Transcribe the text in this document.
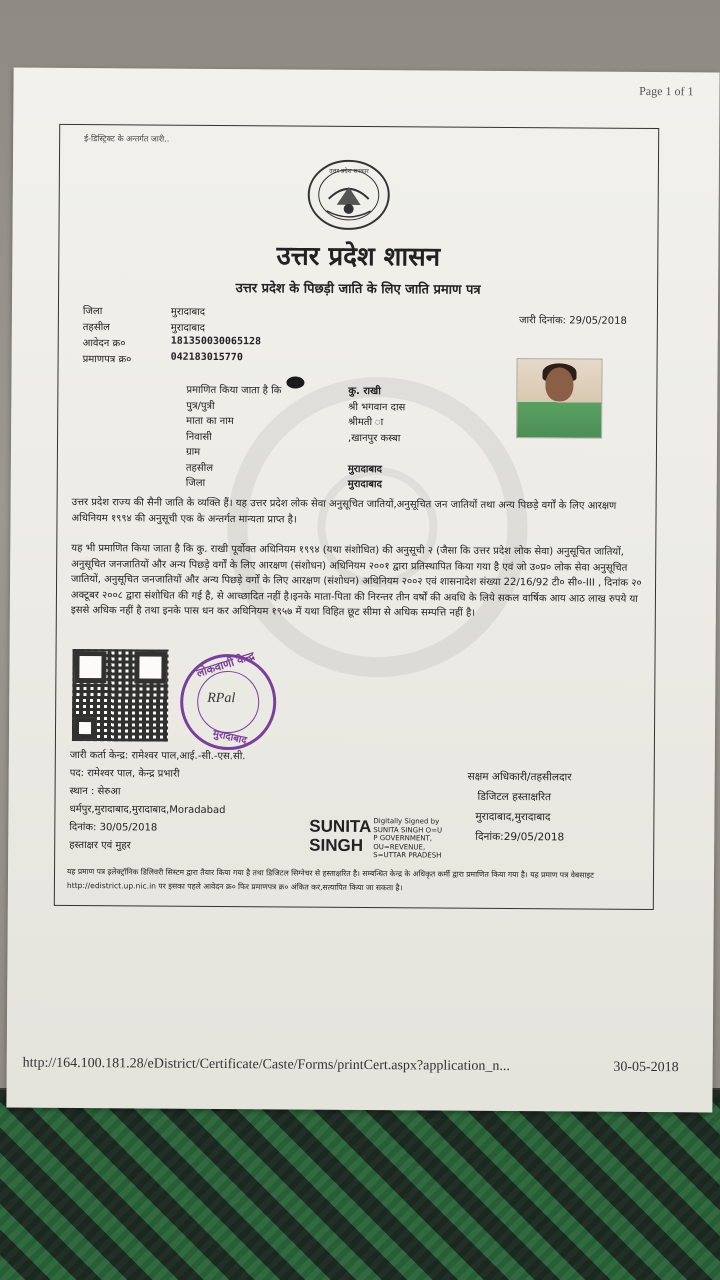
Page 1 of 1
ई-डिस्ट्रिक्ट के अन्तर्गत जारी..
उत्तर प्रदेश सरकार
उत्तर प्रदेश शासन
उत्तर प्रदेश के पिछड़ी जाति के लिए जाति प्रमाण पत्र
जिला	मुरादाबाद
तहसील	मुरादाबाद
आवेदन क्र०	181350030065128
प्रमाणपत्र क्र०	042183015770
जारी दिनांक: 29/05/2018
प्रमाणित किया जाता है कि	कु. राखी
पुत्र/पुत्री	श्री भगवान दास
माता का नाम	श्रीमती ा
निवासी	,खानपुर कस्बा
ग्राम
तहसील	मुरादाबाद
जिला	मुरादाबाद
उत्तर प्रदेश राज्य की सैनी जाति के व्यक्ति हैं। यह उत्तर प्रदेश लोक सेवा अनुसूचित जातियों,अनुसूचित जन जातियों तथा अन्य पिछड़े वर्गों के लिए आरक्षण अधिनियम १९९४ की अनुसूची एक के अन्तर्गत मान्यता प्राप्त है।
यह भी प्रमाणित किया जाता है कि कु. राखी पूर्वोक्त अधिनियम १९९४ (यथा संशोधित) की अनुसूची २ (जैसा कि उत्तर प्रदेश लोक सेवा) अनुसूचित जातियों, अनुसूचित जनजातियों और अन्य पिछड़े वर्गों के लिए आरक्षण (संशोधन) अधिनियम २००१ द्वारा प्रतिस्थापित किया गया है एवं जो उ०प्र० लोक सेवा अनुसूचित जातियों, अनुसूचित जनजातियों और अन्य पिछड़े वर्गों के लिए आरक्षण (संशोधन) अधिनियम २००२ एवं शासनादेश संख्या 22/16/92 टी० सी०-III , दिनांक २० अक्टूबर २००८ द्वारा संशोधित की गई है, से आच्छादित नहीं है।इनके माता-पिता की निरन्तर तीन वर्षों की अवधि के लिये सकल वार्षिक आय आठ लाख रुपये या इससे अधिक नहीं है तथा इनके पास धन कर अधिनियम १९५७ में यथा विहित छूट सीमा से अधिक सम्पत्ति नहीं है।
लोकवाणी केन्द्र
RPal
मुरादाबाद
SUNITA SINGH
Digitally Signed by
SUNITA SINGH O=U
P GOVERNMENT,
OU=REVENUE,
S=UTTAR PRADESH
जारी कर्ता केन्द्र: रामेश्वर पाल,आई.-सी.-एस.सी.
पद: रामेश्वर पाल, केन्द्र प्रभारी
स्थान : सेरुआ
धर्मपुर,मुरादाबाद,मुरादाबाद,Moradabad
दिनांक: 30/05/2018
हस्ताक्षर एवं मुहर
सक्षम अधिकारी/तहसीलदार
डिजिटल हस्ताक्षरित
मुरादाबाद,मुरादाबाद
दिनांक:29/05/2018
यह प्रमाण पत्र इलेक्ट्रॉनिक डिलिवरी सिस्टम द्वारा तैयार किया गया है तथा डिजिटल सिग्नेचर से हस्ताक्षरित है। सम्बन्धित केन्द्र के अधिकृत कर्मी द्वारा प्रमाणित किया गया है। यह प्रमाण पत्र वेबसाइट http://edistrict.up.nic.in पर इसका पहले आवेदन क्र० फिर प्रमाणपत्र क्र० अंकित कर,सत्यापित किया जा सकता है।
http://164.100.181.28/eDistrict/Certificate/Caste/Forms/printCert.aspx?application_n...	30-05-2018
